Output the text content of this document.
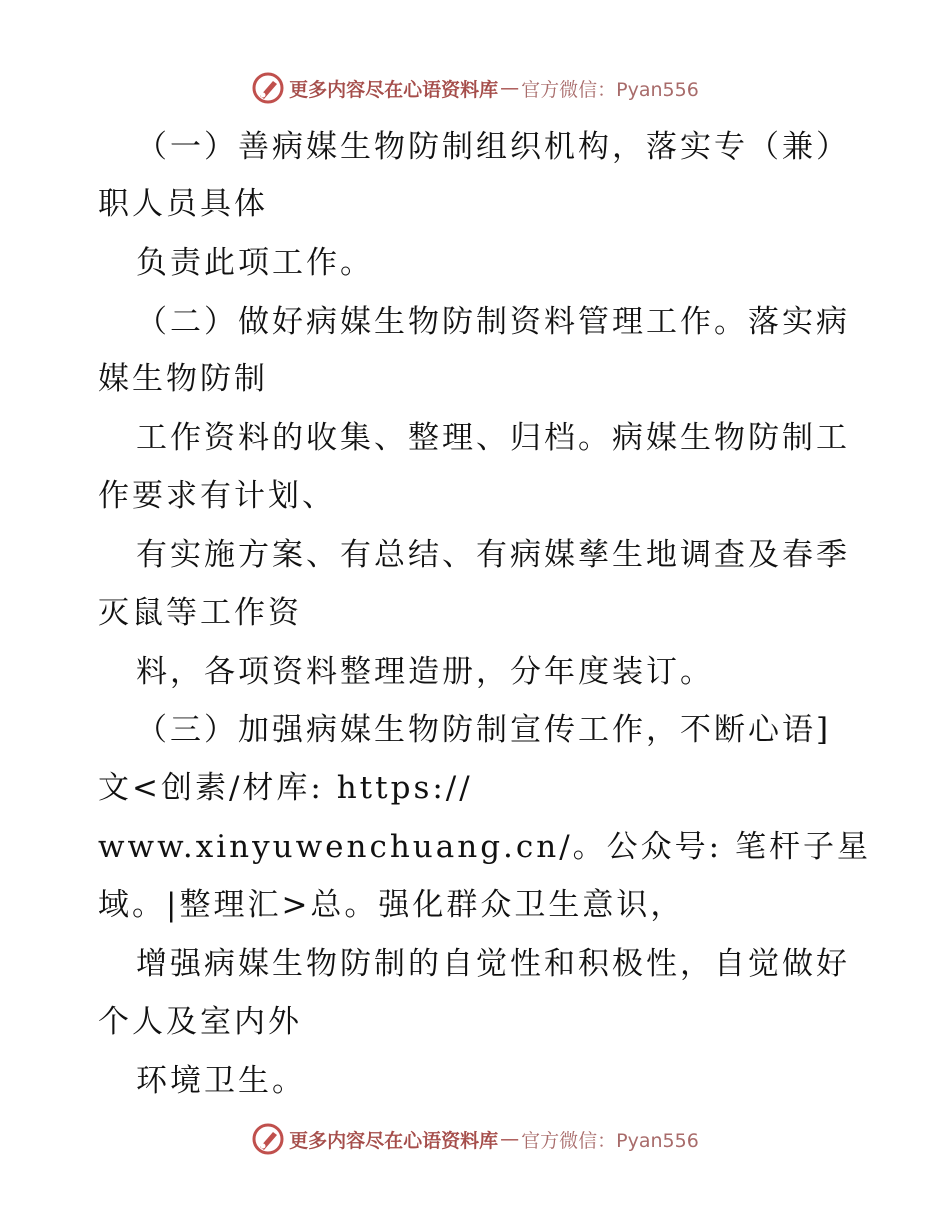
更多内容尽在心语资料库 — 官方微信：Pyan556

（一）善病媒生物防制组织机构，落实专（兼）

职人员具体

负责此项工作。

（二）做好病媒生物防制资料管理工作。落实病

媒生物防制

工作资料的收集、整理、归档。病媒生物防制工

作要求有计划、

有实施方案、有总结、有病媒孳生地调查及春季

灭鼠等工作资

料，各项资料整理造册，分年度装订。

（三）加强病媒生物防制宣传工作，不断心语]

文<创素/材库: https://

www.xinyuwenchuang.cn/。公众号: 笔杆子星

域。|整理汇>总。强化群众卫生意识，

增强病媒生物防制的自觉性和积极性，自觉做好

个人及室内外

环境卫生。

更多内容尽在心语资料库 — 官方微信：Pyan556
